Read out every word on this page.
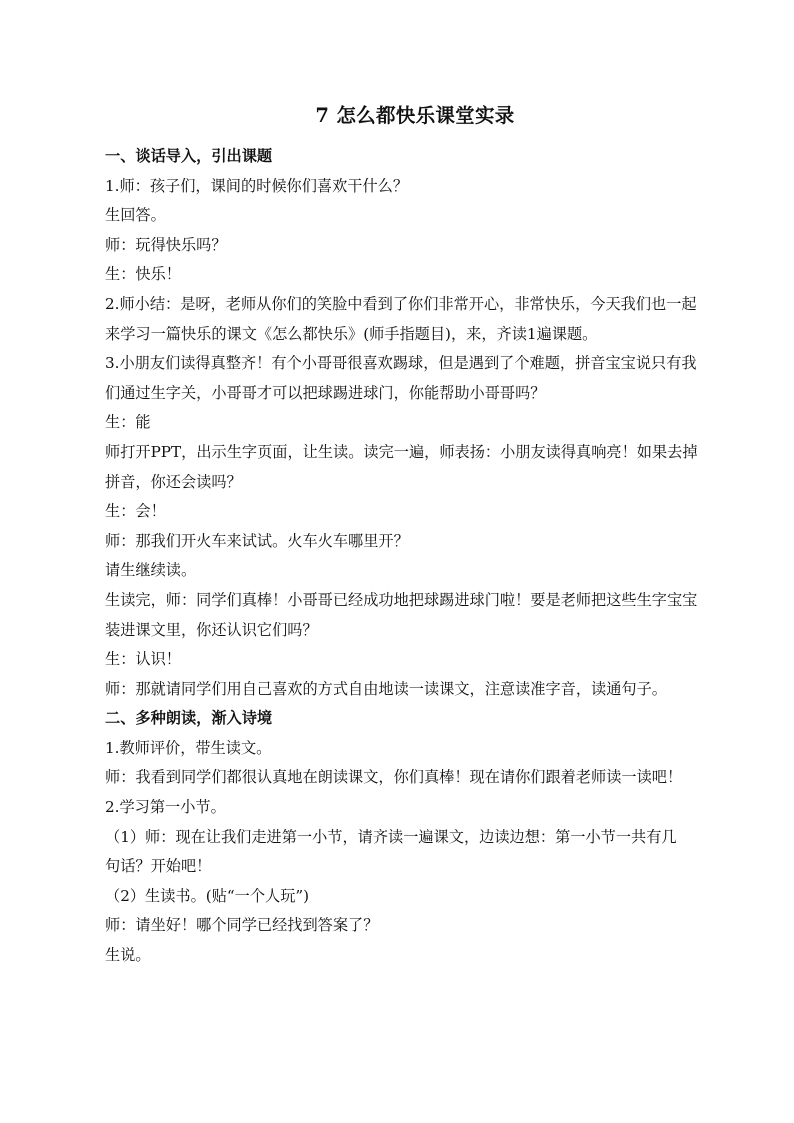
7 怎么都快乐课堂实录

一、谈话导入，引出课题

1.师：孩子们，课间的时候你们喜欢干什么？

生回答。

师：玩得快乐吗？

生：快乐！

2.师小结：是呀，老师从你们的笑脸中看到了你们非常开心，非常快乐，今天我们也一起

来学习一篇快乐的课文《怎么都快乐》(师手指题目)，来，齐读1遍课题。

3.小朋友们读得真整齐！有个小哥哥很喜欢踢球，但是遇到了个难题，拼音宝宝说只有我

们通过生字关，小哥哥才可以把球踢进球门，你能帮助小哥哥吗？

生：能

师打开PPT，出示生字页面，让生读。读完一遍，师表扬：小朋友读得真响亮！如果去掉

拼音，你还会读吗？

生：会！

师：那我们开火车来试试。火车火车哪里开？

请生继续读。

生读完，师：同学们真棒！小哥哥已经成功地把球踢进球门啦！要是老师把这些生字宝宝

装进课文里，你还认识它们吗？

生：认识！

师：那就请同学们用自己喜欢的方式自由地读一读课文，注意读准字音，读通句子。

二、多种朗读，渐入诗境

1.教师评价，带生读文。

师：我看到同学们都很认真地在朗读课文，你们真棒！现在请你们跟着老师读一读吧！

2.学习第一小节。

（1）师：现在让我们走进第一小节，请齐读一遍课文，边读边想：第一小节一共有几

句话？开始吧！

（2）生读书。(贴“一个人玩”)

师：请坐好！哪个同学已经找到答案了？

生说。
